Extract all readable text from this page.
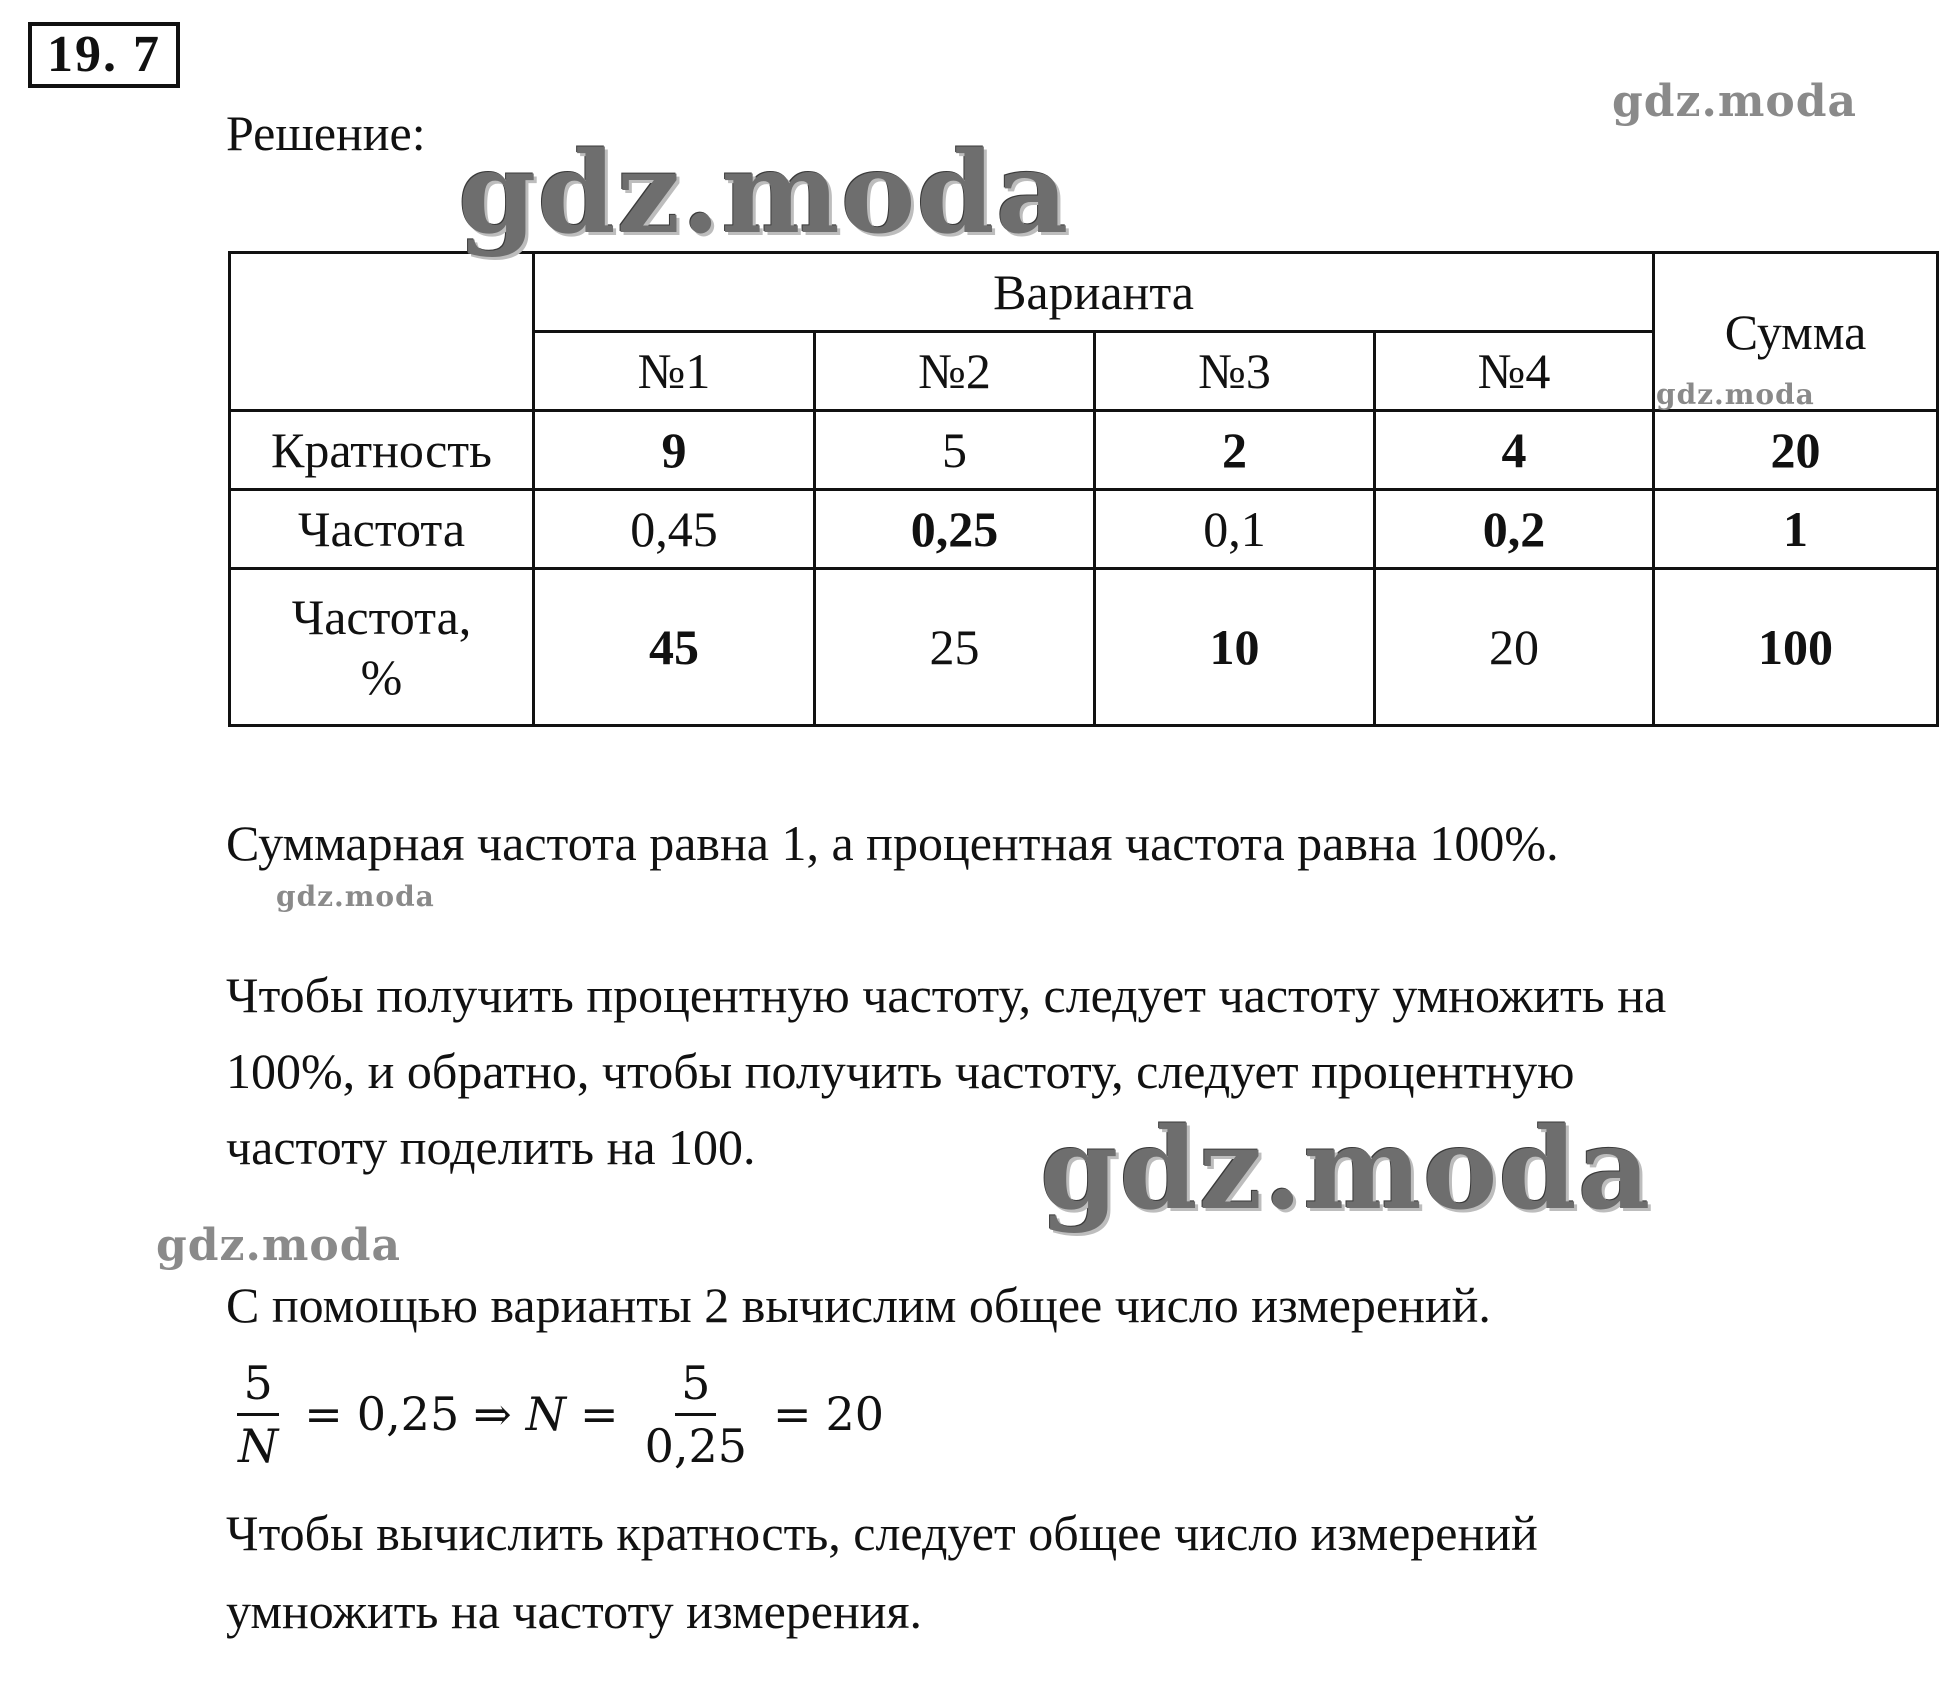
19. 7
Решение:
	Варианта				Сумма
	№1	№2	№3	№4	
Кратность	9	5	2	4	20
Частота	0,45	0,25	0,1	0,2	1
Частота,
%	45	25	10	20	100
Суммарная частота равна 1, а процентная частота равна 100%.
Чтобы получить процентную частоту, следует частоту умножить на
100%, и обратно, чтобы получить частоту, следует процентную
частоту поделить на 100.
С помощью варианты 2 вычислим общее число измерений.
$\frac{5}{N} = 0,25$ ⇒ $N = \frac{5}{0,25} = 20$
Чтобы вычислить кратность, следует общее число измерений
умножить на частоту измерения.
gdz.moda
gdz.moda
gdz.moda
gdz.moda
gdz.moda
gdz.moda
